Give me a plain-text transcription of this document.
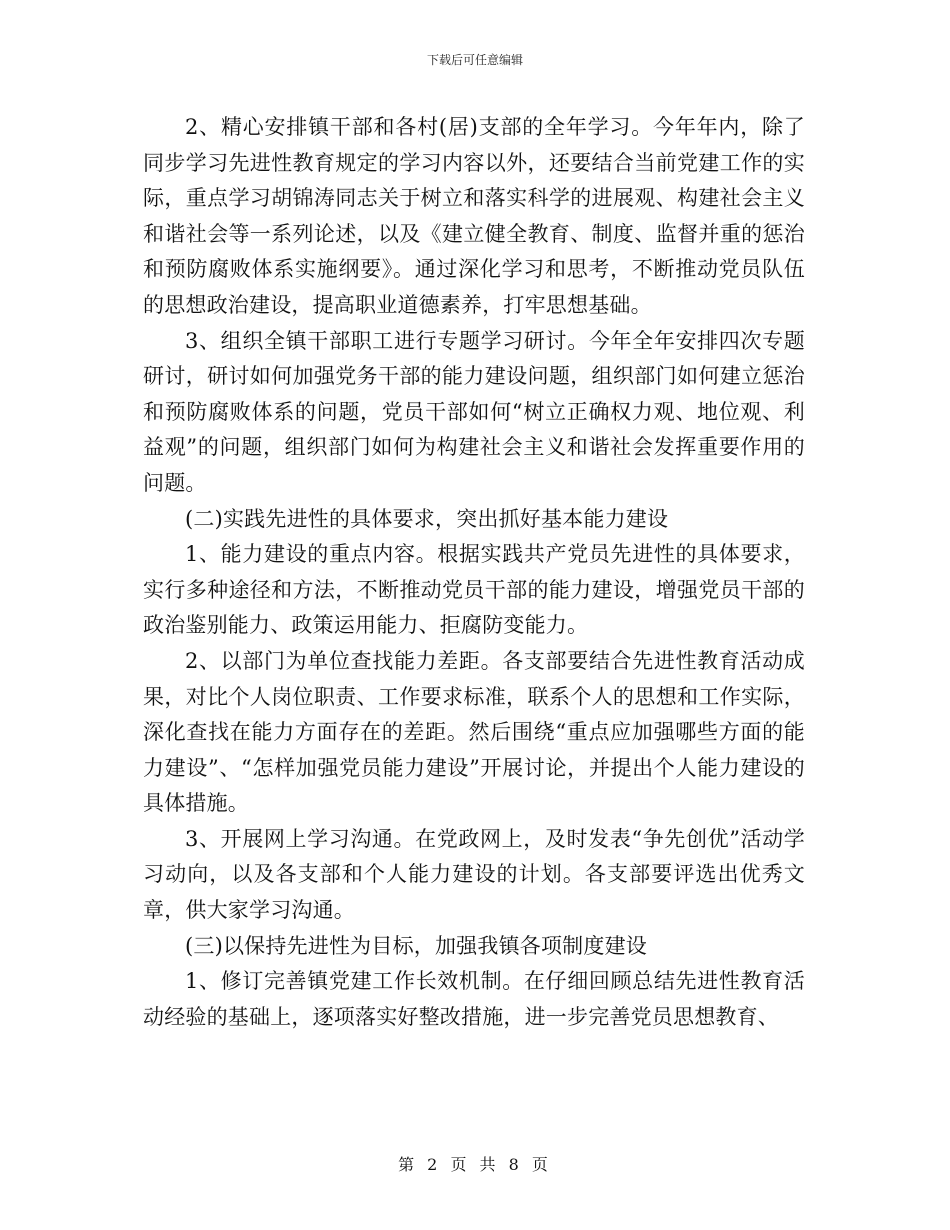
下载后可任意编辑

2、精心安排镇干部和各村(居)支部的全年学习。今年年内，除了同步学习先进性教育规定的学习内容以外，还要结合当前党建工作的实际，重点学习胡锦涛同志关于树立和落实科学的进展观、构建社会主义和谐社会等一系列论述，以及《建立健全教育、制度、监督并重的惩治和预防腐败体系实施纲要》。通过深化学习和思考，不断推动党员队伍的思想政治建设，提高职业道德素养，打牢思想基础。

3、组织全镇干部职工进行专题学习研讨。今年全年安排四次专题研讨，研讨如何加强党务干部的能力建设问题，组织部门如何建立惩治和预防腐败体系的问题，党员干部如何“树立正确权力观、地位观、利益观”的问题，组织部门如何为构建社会主义和谐社会发挥重要作用的问题。

(二)实践先进性的具体要求，突出抓好基本能力建设

1、能力建设的重点内容。根据实践共产党员先进性的具体要求，实行多种途径和方法，不断推动党员干部的能力建设，增强党员干部的政治鉴别能力、政策运用能力、拒腐防变能力。

2、以部门为单位查找能力差距。各支部要结合先进性教育活动成果，对比个人岗位职责、工作要求标准，联系个人的思想和工作实际，深化查找在能力方面存在的差距。然后围绕“重点应加强哪些方面的能力建设”、“怎样加强党员能力建设”开展讨论，并提出个人能力建设的具体措施。

3、开展网上学习沟通。在党政网上，及时发表“争先创优”活动学习动向，以及各支部和个人能力建设的计划。各支部要评选出优秀文章，供大家学习沟通。

(三)以保持先进性为目标，加强我镇各项制度建设

1、修订完善镇党建工作长效机制。在仔细回顾总结先进性教育活动经验的基础上，逐项落实好整改措施，进一步完善党员思想教育、

第 2 页 共 8 页
